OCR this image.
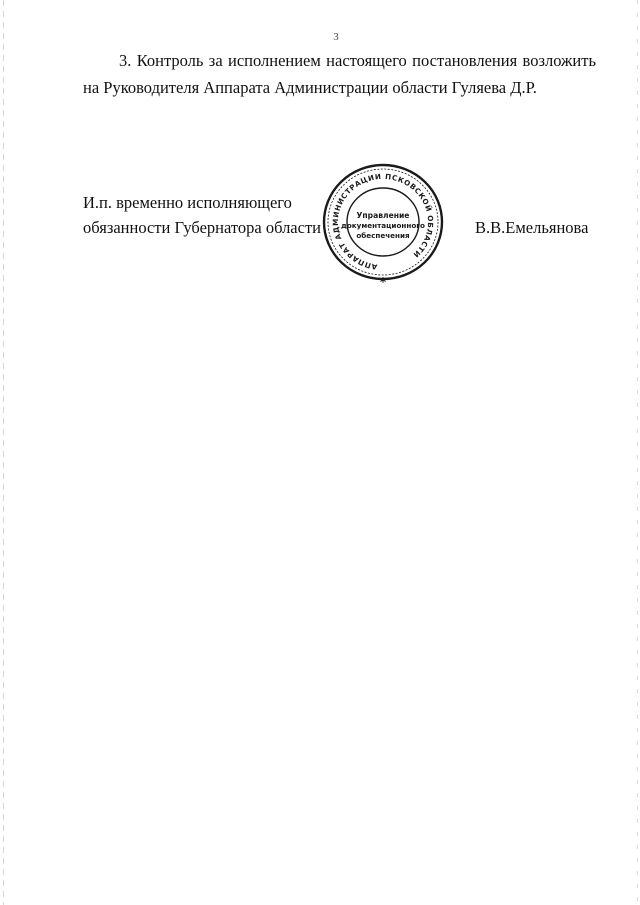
3

3. Контроль за исполнением настоящего постановления возложить на Руководителя Аппарата Администрации области Гуляева Д.Р.

И.п. временно исполняющего
обязанности Губернатора области
АППАРАТ АДМИНИСТРАЦИИ ПСКОВСКОЙ ОБЛАСТИ
Управление
документационного
обеспечения
*
В.В.Емельянова
